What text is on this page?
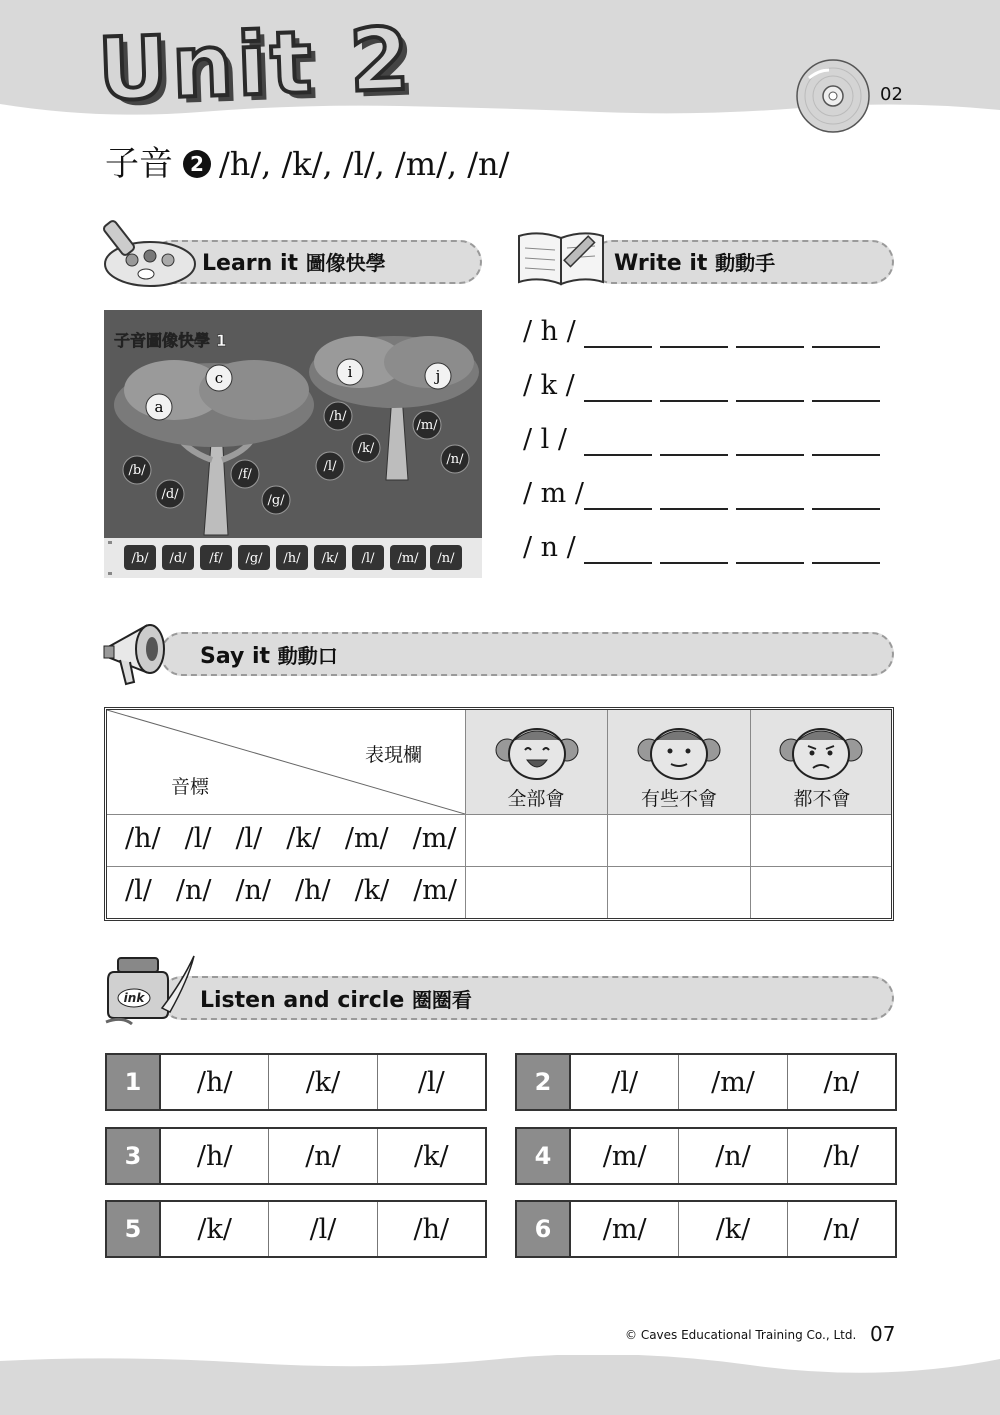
Unit 2	02
子音 2 /h/, /k/, /l/, /m/, /n/
Learn it 圖像快學
子音圖像快學 1
a
c	i	j
/b/
/d/
/f/
/g/
/h/
/k/
/l/
/m/
/n/
/b/ /d/ /f/ /g/ /h/ /k/ /l/ /m/ /n/
Write it 動動手
/ h /
/ k /
/ l /
/ m /
/ n /
Say it 動動口
表現欄
音標
全部會	有些不會	都不會
/h/ /l/ /l/ /k/ /m/ /m/
/l/ /n/ /n/ /h/ /k/ /m/
ink	Listen and circle 圈圈看
1	/h/	/k/	/l/	2	/l/	/m/	/n/
3	/h/	/n/	/k/	4	/m/	/n/	/h/
5	/k/	/l/	/h/	6	/m/	/k/	/n/
© Caves Educational Training Co., Ltd. 07
